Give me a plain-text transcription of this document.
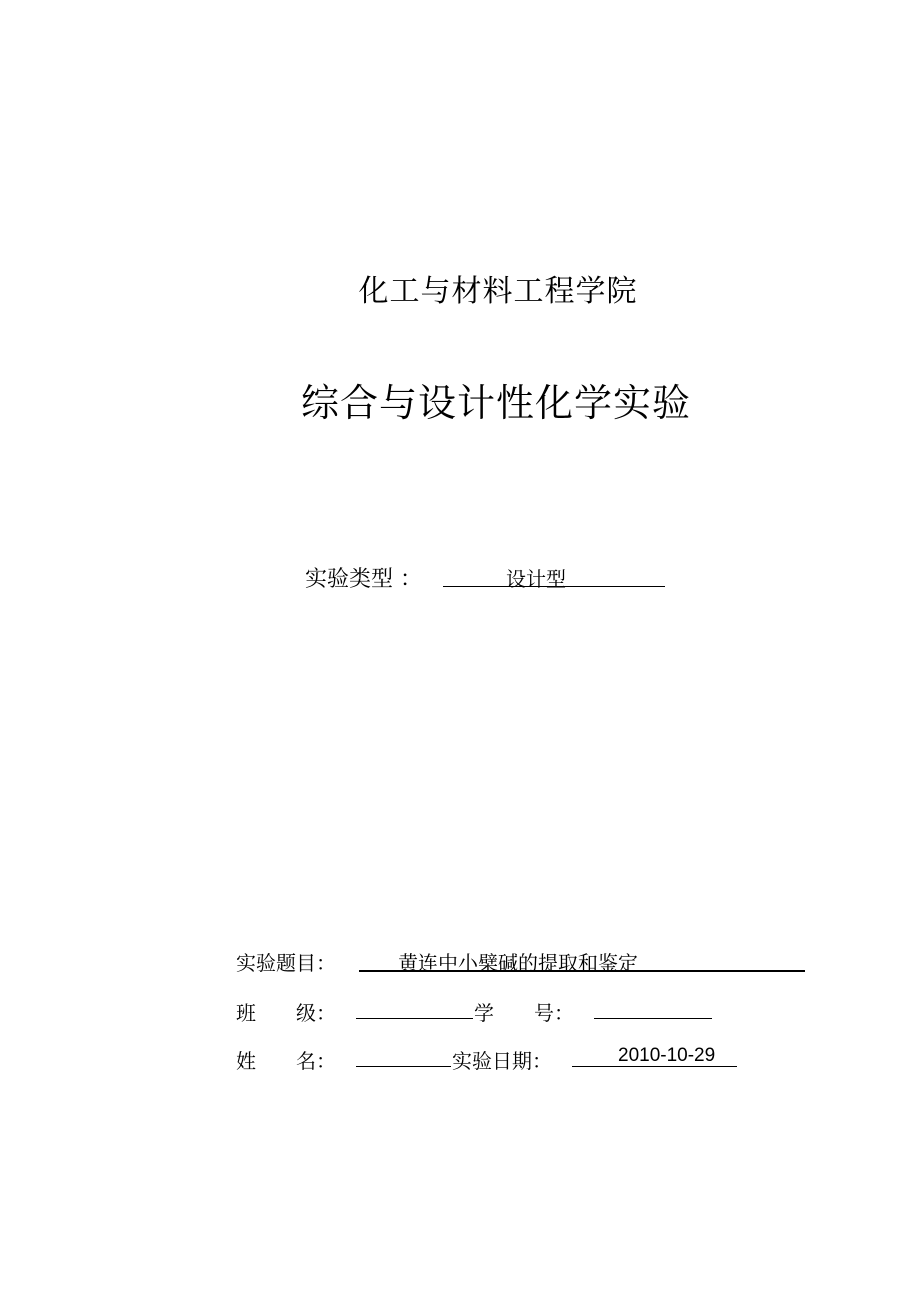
化工与材料工程学院
综合与设计性化学实验
实验类型 ：	设计型
实验题目：	黄连中小檗碱的提取和鉴定
班　　级：	学　　号：
姓　　名：	实验日期：	2010-10-29
